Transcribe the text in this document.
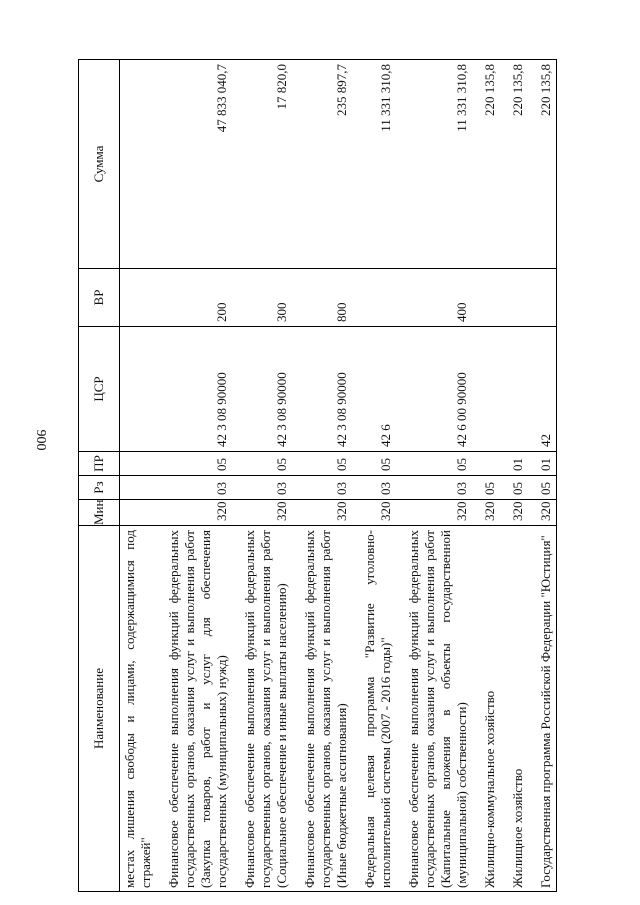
900
Наименование	Мин	Рз	ПР	ЦСР	ВР	Сумма
местах лишения свободы и лицами, содержащимися под стражей"						

Финансовое обеспечение выполнения функций федеральных государственных органов, оказания услуг и выполнения работ (Закупка товаров, работ и услуг для обеспечения государственных (муниципальных) нужд)	320	03	05	42 3 08 90000	200	47 833 040,7

Финансовое обеспечение выполнения функций федеральных государственных органов, оказания услуг и выполнения работ (Социальное обеспечение и иные выплаты населению)	320	03	05	42 3 08 90000	300	17 820,0

Финансовое обеспечение выполнения функций федеральных государственных органов, оказания услуг и выполнения работ (Иные бюджетные ассигнования)	320	03	05	42 3 08 90000	800	235 897,7

Федеральная целевая программа "Развитие уголовно-исполнительной системы (2007 - 2016 годы)"	320	03	05	42 6		11 331 310,8

Финансовое обеспечение выполнения функций федеральных государственных органов, оказания услуг и выполнения работ (Капитальные вложения в объекты государственной (муниципальной) собственности)	320	03	05	42 6 00 90000	400	11 331 310,8

Жилищно-коммунальное хозяйство	320	05				220 135,8

Жилищное хозяйство	320	05	01			220 135,8

Государственная программа Российской Федерации "Юстиция"	320	05	01	42		220 135,8
